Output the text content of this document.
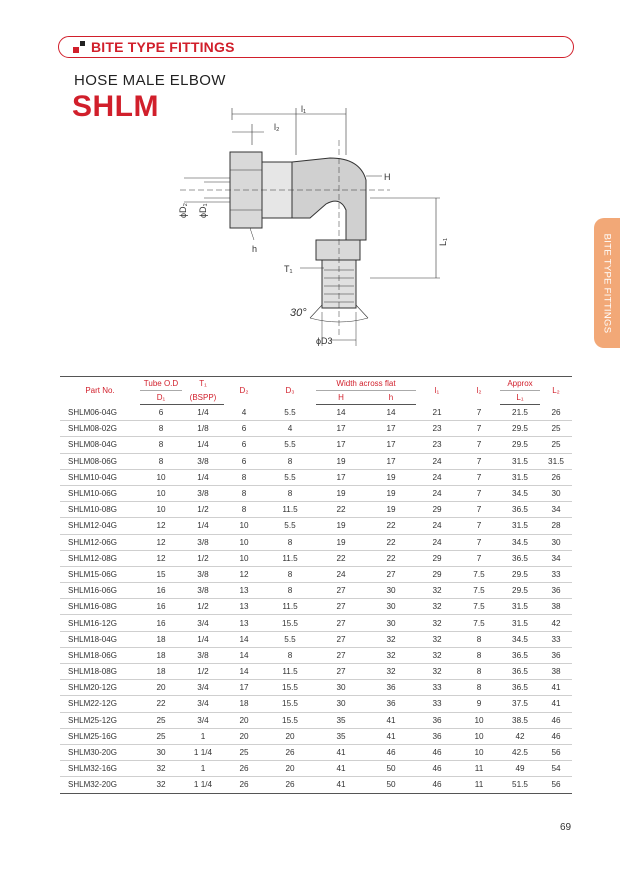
BITE TYPE FITTINGS
HOSE MALE ELBOW
SHLM
BITE TYPE FITTINGS
l₁
l₂
H
h
T₁
30°
ϕD3
ϕD₂ ϕD₁
L₁
Part No.	Tube O.D	T₁	D₂	D₃	Width across flat		l₁	l₂	Approx	L₂
	D₁	(BSPP)			H	h			L₁	
SHLM06-04G	6	1/4	4	5.5	14	14	21	7	21.5	26
SHLM08-02G	8	1/8	6	4	17	17	23	7	29.5	25
SHLM08-04G	8	1/4	6	5.5	17	17	23	7	29.5	25
SHLM08-06G	8	3/8	6	8	19	17	24	7	31.5	31.5
SHLM10-04G	10	1/4	8	5.5	17	19	24	7	31.5	26
SHLM10-06G	10	3/8	8	8	19	19	24	7	34.5	30
SHLM10-08G	10	1/2	8	11.5	22	19	29	7	36.5	34
SHLM12-04G	12	1/4	10	5.5	19	22	24	7	31.5	28
SHLM12-06G	12	3/8	10	8	19	22	24	7	34.5	30
SHLM12-08G	12	1/2	10	11.5	22	22	29	7	36.5	34
SHLM15-06G	15	3/8	12	8	24	27	29	7.5	29.5	33
SHLM16-06G	16	3/8	13	8	27	30	32	7.5	29.5	36
SHLM16-08G	16	1/2	13	11.5	27	30	32	7.5	31.5	38
SHLM16-12G	16	3/4	13	15.5	27	30	32	7.5	31.5	42
SHLM18-04G	18	1/4	14	5.5	27	32	32	8	34.5	33
SHLM18-06G	18	3/8	14	8	27	32	32	8	36.5	36
SHLM18-08G	18	1/2	14	11.5	27	32	32	8	36.5	38
SHLM20-12G	20	3/4	17	15.5	30	36	33	8	36.5	41
SHLM22-12G	22	3/4	18	15.5	30	36	33	9	37.5	41
SHLM25-12G	25	3/4	20	15.5	35	41	36	10	38.5	46
SHLM25-16G	25	1	20	20	35	41	36	10	42	46
SHLM30-20G	30	1 1/4	25	26	41	46	46	10	42.5	56
SHLM32-16G	32	1	26	20	41	50	46	11	49	54
SHLM32-20G	32	1 1/4	26	26	41	50	46	11	51.5	56
69
